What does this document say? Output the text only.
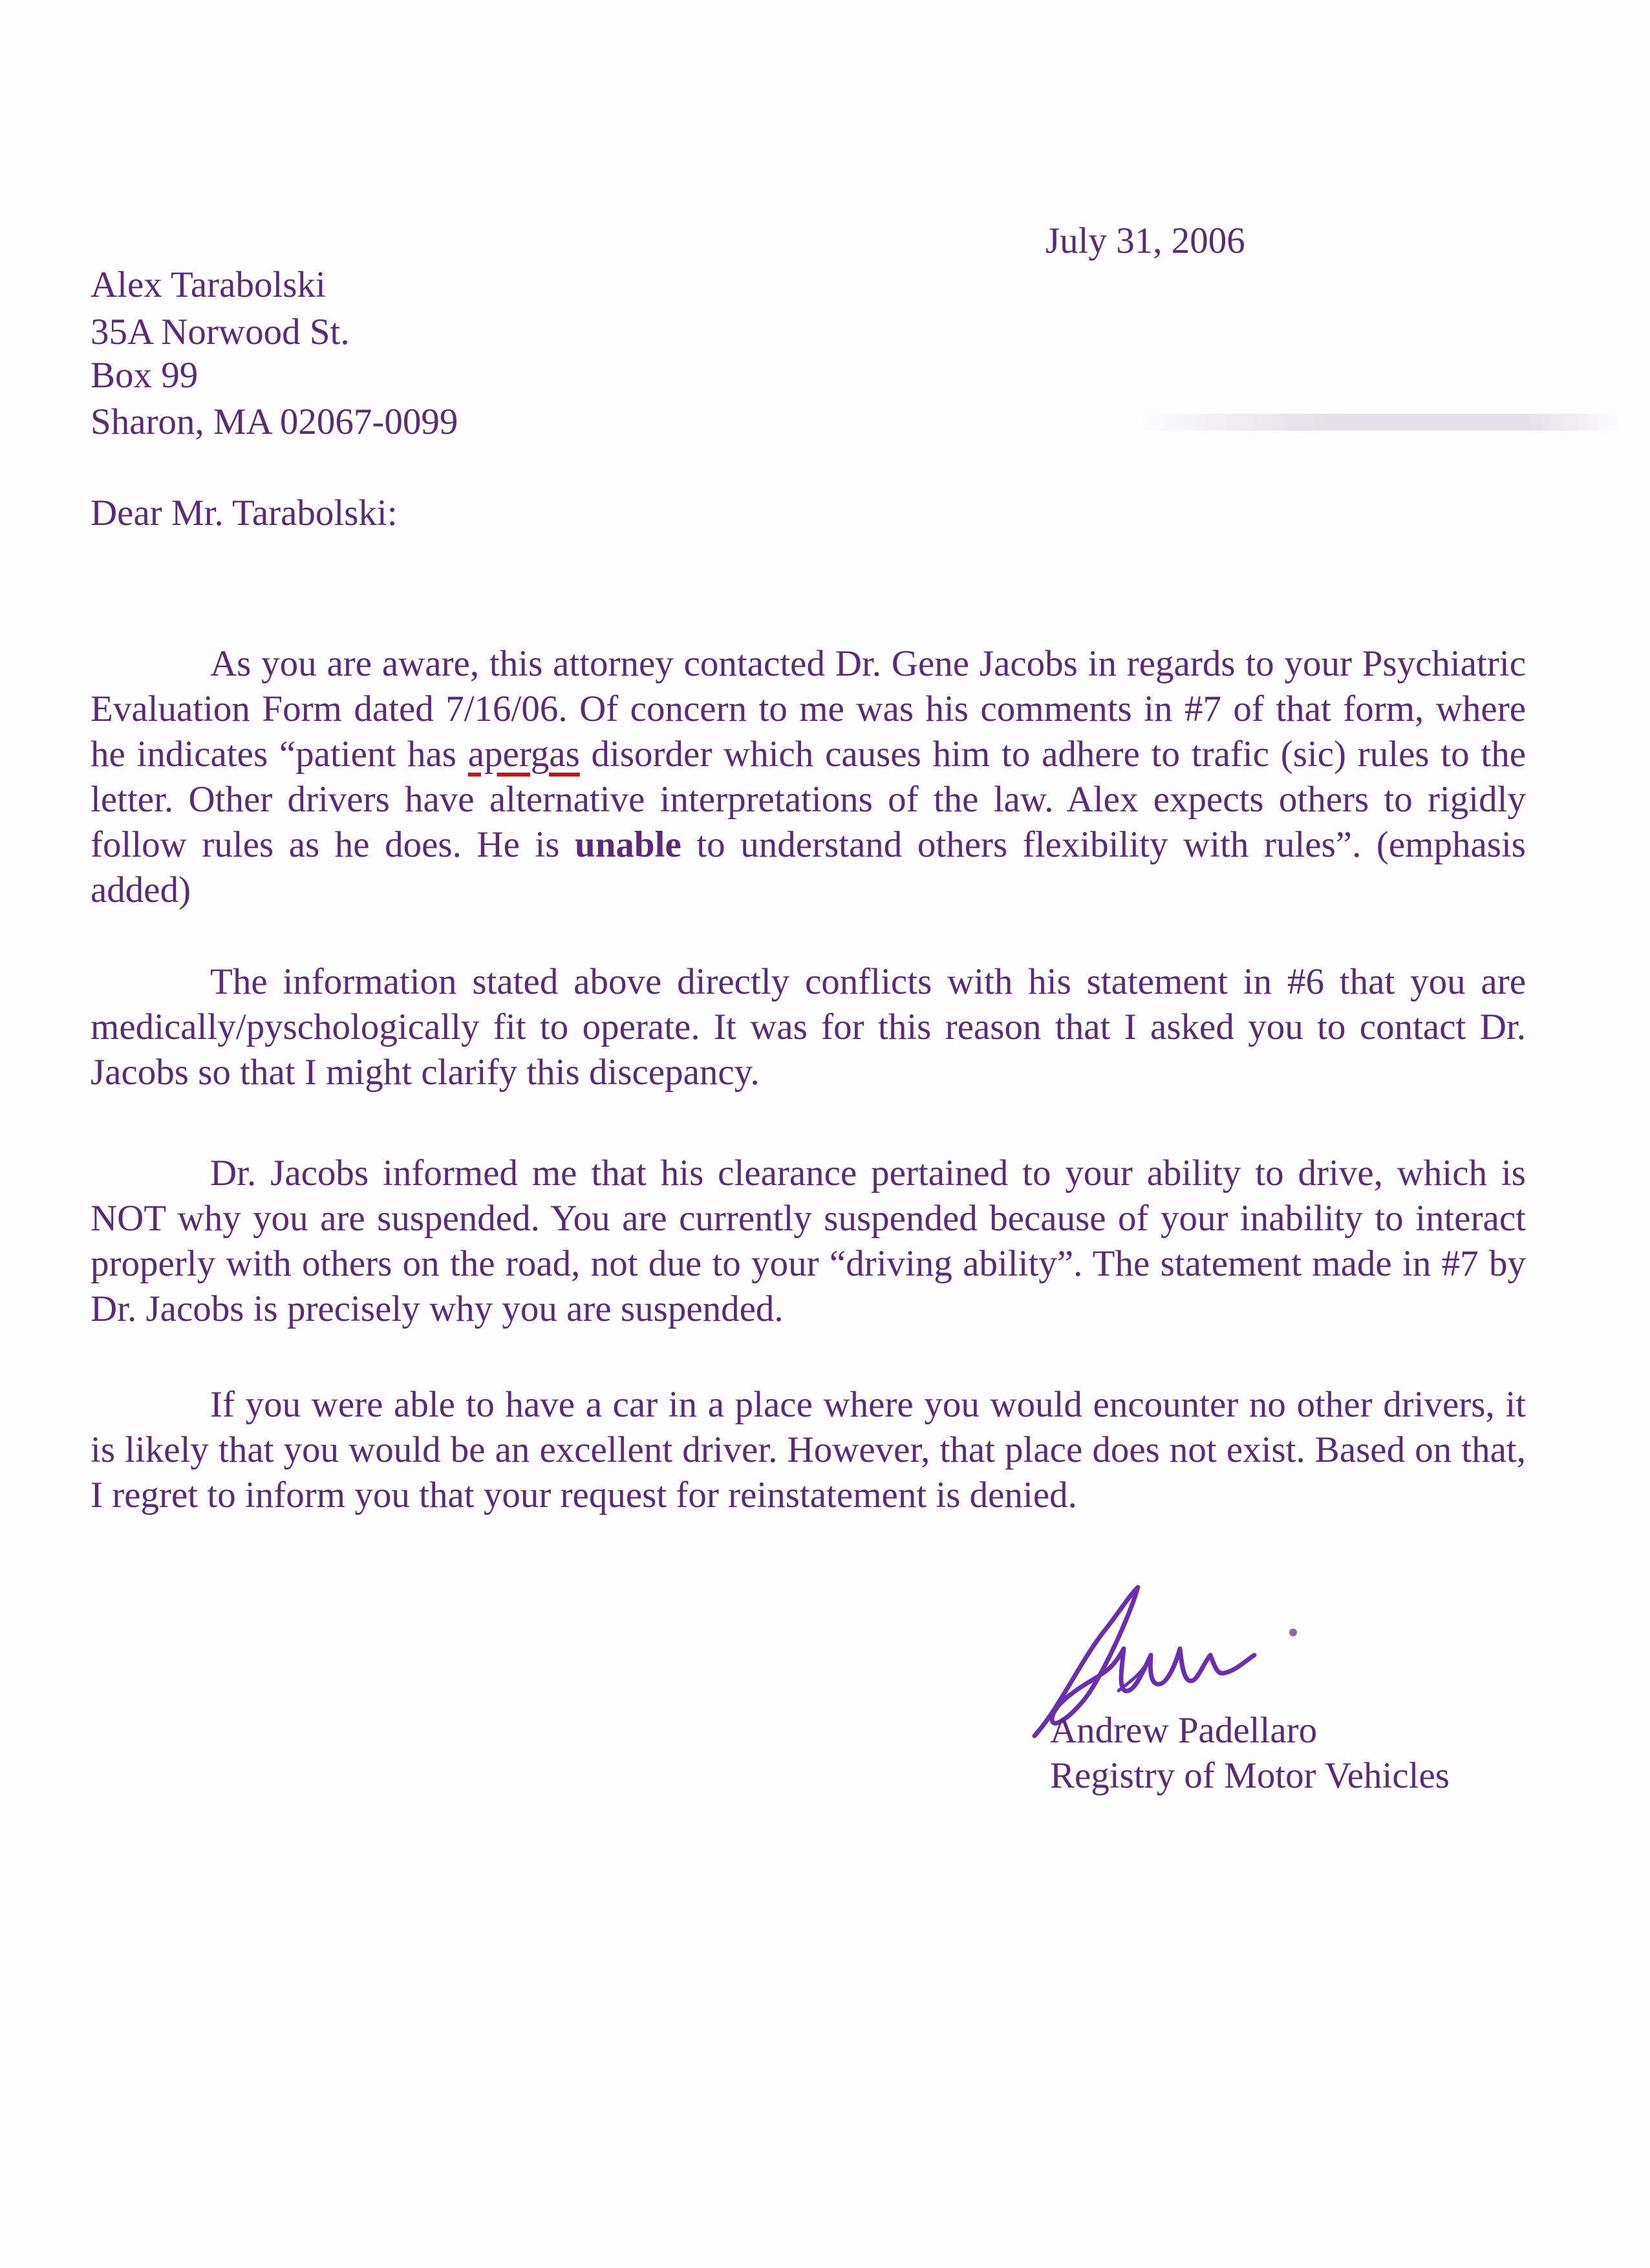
July 31, 2006

Alex Tarabolski

35A Norwood St.

Box 99

Sharon, MA 02067-0099

Dear Mr. Tarabolski:

As you are aware, this attorney contacted Dr. Gene Jacobs in regards to your Psychiatric Evaluation Form dated 7/16/06. Of concern to me was his comments in #7 of that form, where he indicates “patient has apergas disorder which causes him to adhere to trafic (sic) rules to the letter. Other drivers have alternative interpretations of the law. Alex expects others to rigidly follow rules as he does. He is unable to understand others flexibility with rules”. (emphasis added)

The information stated above directly conflicts with his statement in #6 that you are medically/pyschologically fit to operate. It was for this reason that I asked you to contact Dr. Jacobs so that I might clarify this discepancy.

Dr. Jacobs informed me that his clearance pertained to your ability to drive, which is NOT why you are suspended. You are currently suspended because of your inability to interact properly with others on the road, not due to your “driving ability”. The statement made in #7 by Dr. Jacobs is precisely why you are suspended.

If you were able to have a car in a place where you would encounter no other drivers, it is likely that you would be an excellent driver. However, that place does not exist. Based on that, I regret to inform you that your request for reinstatement is denied.

Andrew Padellaro

Registry of Motor Vehicles
